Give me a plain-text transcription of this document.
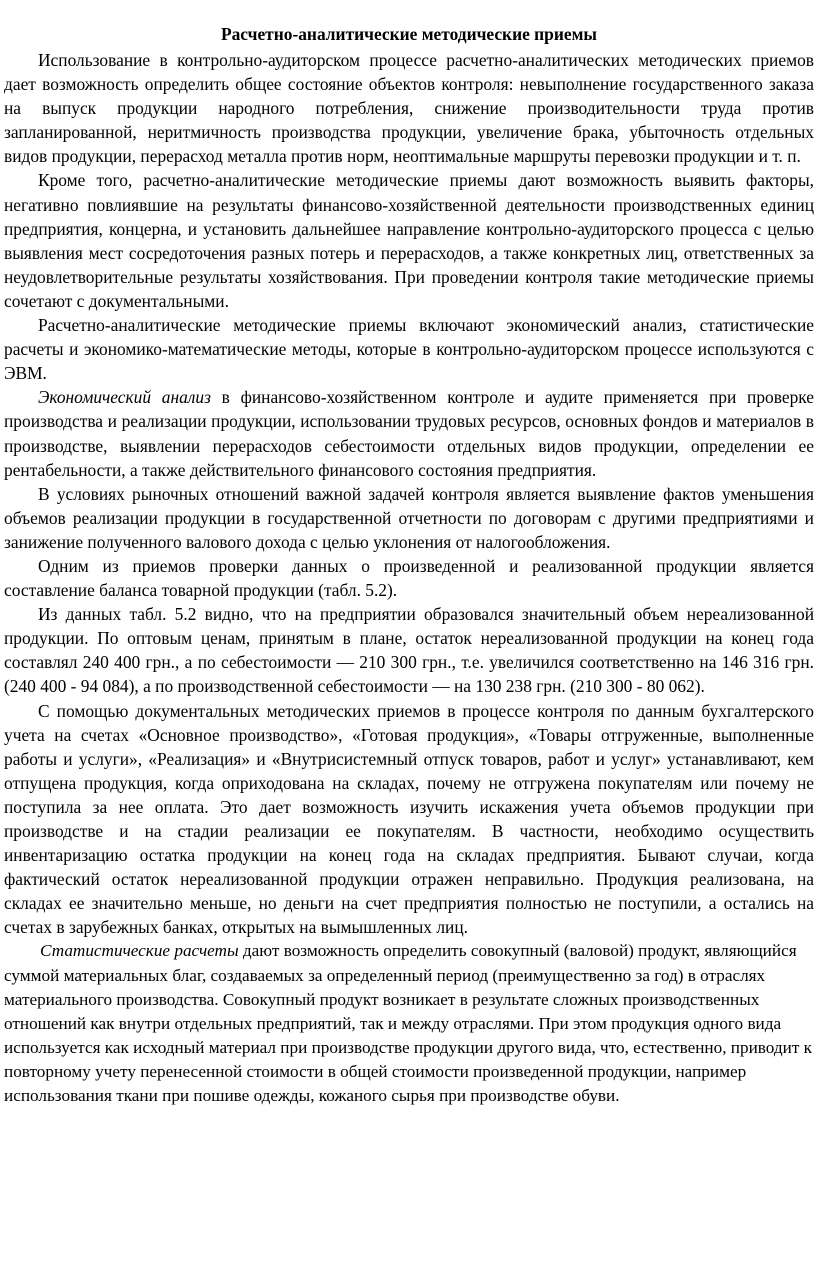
Расчетно-аналитические методические приемы

Использование в контрольно-аудиторском процессе расчетно-аналитических методических приемов дает возможность определить общее состояние объектов контроля: невыполнение государственного заказа на выпуск продукции народного потребления, снижение производительности труда против запланированной, неритмичность производства продукции, увеличение брака, убыточность отдельных видов продукции, перерасход металла против норм, неоптимальные маршруты перевозки продукции и т. п.

Кроме того, расчетно-аналитические методические приемы дают возможность выявить факторы, негативно повлиявшие на результаты финансово-хозяйственной деятельности производственных единиц предприятия, концерна, и установить дальнейшее направление контрольно-аудиторского процесса с целью выявления мест сосредоточения разных потерь и перерасходов, а также конкретных лиц, ответственных за неудовлетворительные результаты хозяйствования. При проведении контроля такие методические приемы сочетают с документальными.

Расчетно-аналитические методические приемы включают экономический анализ, статистические расчеты и экономико-математические методы, которые в контрольно-аудиторском процессе используются с ЭВМ.

Экономический анализ в финансово-хозяйственном контроле и аудите применяется при проверке производства и реализации продукции, использовании трудовых ресурсов, основных фондов и материалов в производстве, выявлении перерасходов себестоимости отдельных видов продукции, определении ее рентабельности, а также действительного финансового состояния предприятия.

В условиях рыночных отношений важной задачей контроля является выявление фактов уменьшения объемов реализации продукции в государственной отчетности по договорам с другими предприятиями и занижение полученного валового дохода с целью уклонения от налогообложения.

Одним из приемов проверки данных о произведенной и реализованной продукции является составление баланса товарной продукции (табл. 5.2).

Из данных табл. 5.2 видно, что на предприятии образовался значительный объем нереализованной продукции. По оптовым ценам, принятым в плане, остаток нереализованной продукции на конец года составлял 240 400 грн., а по себестоимости — 210 300 грн., т.е. увеличился соответственно на 146 316 грн. (240 400 - 94 084), а по производственной себестоимости — на 130 238 грн. (210 300 - 80 062).

С помощью документальных методических приемов в процессе контроля по данным бухгалтерского учета на счетах «Основное производство», «Готовая продукция», «Товары отгруженные, выполненные работы и услуги», «Реализация» и «Внутрисистемный отпуск товаров, работ и услуг» устанавливают, кем отпущена продукция, когда оприходована на складах, почему не отгружена покупателям или почему не поступила за нее оплата. Это дает возможность изучить искажения учета объемов продукции при производстве и на стадии реализации ее покупателям. В частности, необходимо осуществить инвентаризацию остатка продукции на конец года на складах предприятия. Бывают случаи, когда фактический остаток нереализованной продукции отражен неправильно. Продукция реализована, на складах ее значительно меньше, но деньги на счет предприятия полностью не поступили, а остались на счетах в зарубежных банках, открытых на вымышленных лиц.

Статистические расчеты дают возможность определить совокупный (валовой) продукт, являющийся суммой материальных благ, создаваемых за определенный период (преимущественно за год) в отраслях материального производства. Совокупный продукт возникает в результате сложных производственных отношений как внутри отдельных предприятий, так и между отраслями. При этом продукция одного вида используется как исходный материал при производстве продукции другого вида, что, естественно, приводит к повторному учету перенесенной стоимости в общей стоимости произведенной продукции, например использования ткани при пошиве одежды, кожаного сырья при производстве обуви.
